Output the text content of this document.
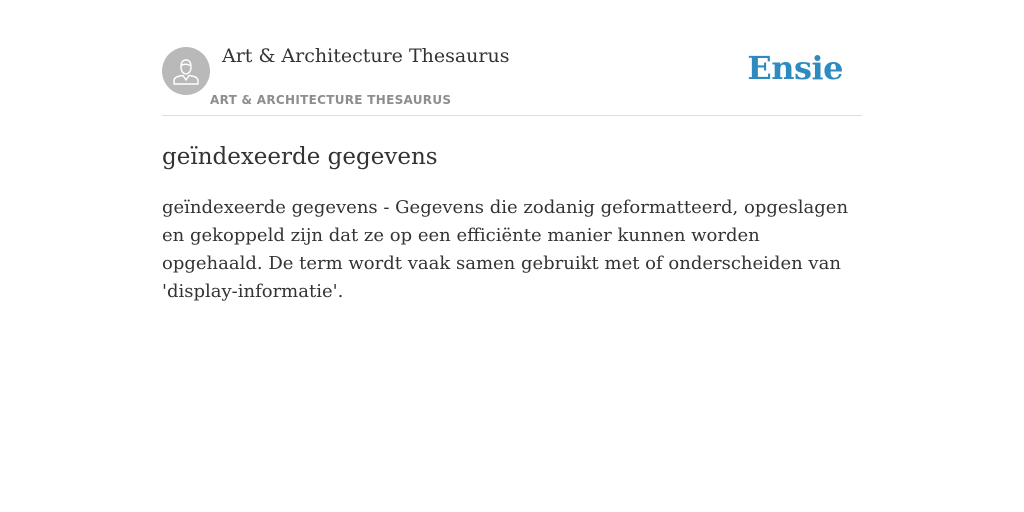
Art & Architecture Thesaurus
ART & ARCHITECTURE THESAURUS
Ensie
geïndexeerde gegevens

geïndexeerde gegevens - Gegevens die zodanig geformatteerd, opgeslagen en gekoppeld zijn dat ze op een efficiënte manier kunnen worden opgehaald. De term wordt vaak samen gebruikt met of onderscheiden van 'display-informatie'.
